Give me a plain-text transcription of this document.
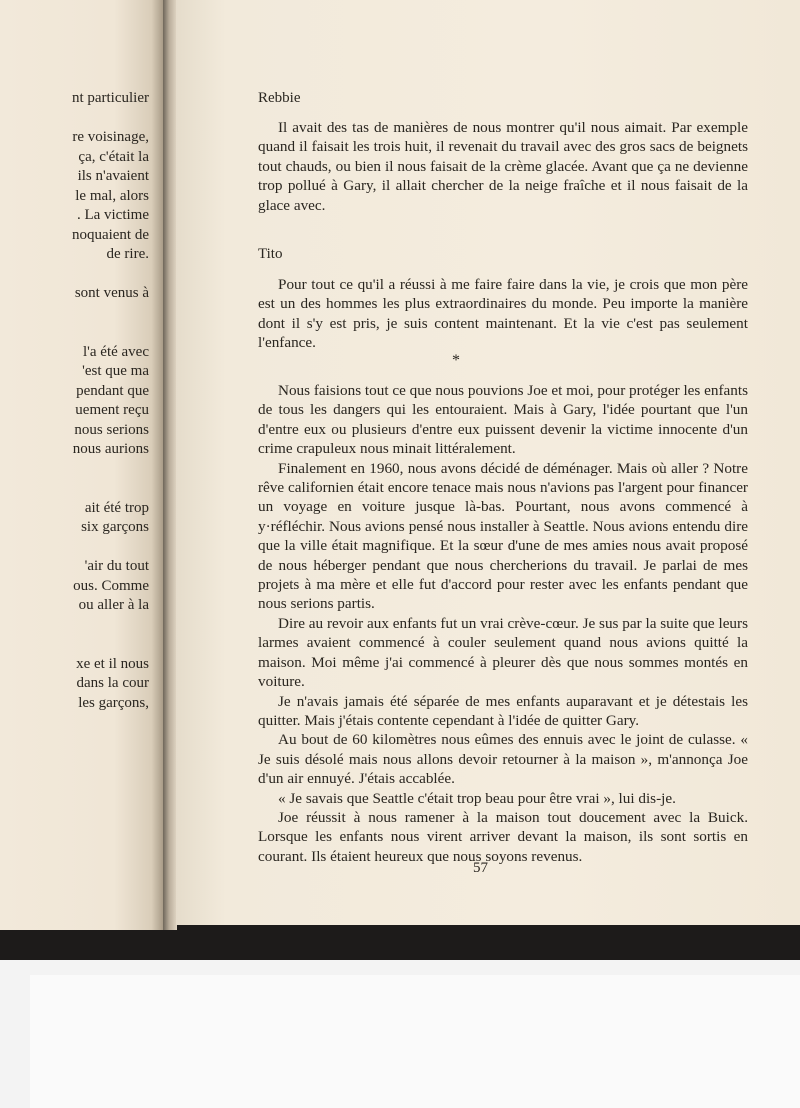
nt particulier
re voisinage,
ça, c'était la
ils n'avaient
le mal, alors
. La victime
noquaient de
de rire.
sont venus à
l'a été avec
'est que ma
pendant que
uement reçu
nous serions
nous aurions
ait été trop
six garçons
'air du tout
ous. Comme
ou aller à la
xe et il nous
dans la cour
les garçons,
Rebbie

Il avait des tas de manières de nous montrer qu'il nous aimait. Par exemple quand il faisait les trois huit, il revenait du travail avec des gros sacs de beignets tout chauds, ou bien il nous faisait de la crème glacée. Avant que ça ne devienne trop pollué à Gary, il allait chercher de la neige fraîche et il nous faisait de la glace avec.

Tito

Pour tout ce qu'il a réussi à me faire faire dans la vie, je crois que mon père est un des hommes les plus extraordinaires du monde. Peu importe la manière dont il s'y est pris, je suis content maintenant. Et la vie c'est pas seulement l'enfance.

*

Nous faisions tout ce que nous pouvions Joe et moi, pour protéger les enfants de tous les dangers qui les entouraient. Mais à Gary, l'idée pourtant que l'un d'entre eux ou plusieurs d'entre eux puissent devenir la victime innocente d'un crime crapuleux nous minait littéralement.

Finalement en 1960, nous avons décidé de déménager. Mais où aller ? Notre rêve californien était encore tenace mais nous n'avions pas l'argent pour financer un voyage en voiture jusque là-bas. Pourtant, nous avons commencé à y·réfléchir. Nous avions pensé nous installer à Seattle. Nous avions entendu dire que la ville était magnifique. Et la sœur d'une de mes amies nous avait proposé de nous héberger pendant que nous chercherions du travail. Je parlai de mes projets à ma mère et elle fut d'accord pour rester avec les enfants pendant que nous serions partis.

Dire au revoir aux enfants fut un vrai crève-cœur. Je sus par la suite que leurs larmes avaient commencé à couler seulement quand nous avions quitté la maison. Moi même j'ai commencé à pleurer dès que nous sommes montés en voiture.

Je n'avais jamais été séparée de mes enfants auparavant et je détestais les quitter. Mais j'étais contente cependant à l'idée de quitter Gary.

Au bout de 60 kilomètres nous eûmes des ennuis avec le joint de culasse. « Je suis désolé mais nous allons devoir retourner à la maison », m'annonça Joe d'un air ennuyé. J'étais accablée.

« Je savais que Seattle c'était trop beau pour être vrai », lui dis-je.

Joe réussit à nous ramener à la maison tout doucement avec la Buick. Lorsque les enfants nous virent arriver devant la maison, ils sont sortis en courant. Ils étaient heureux que nous soyons revenus.

57
